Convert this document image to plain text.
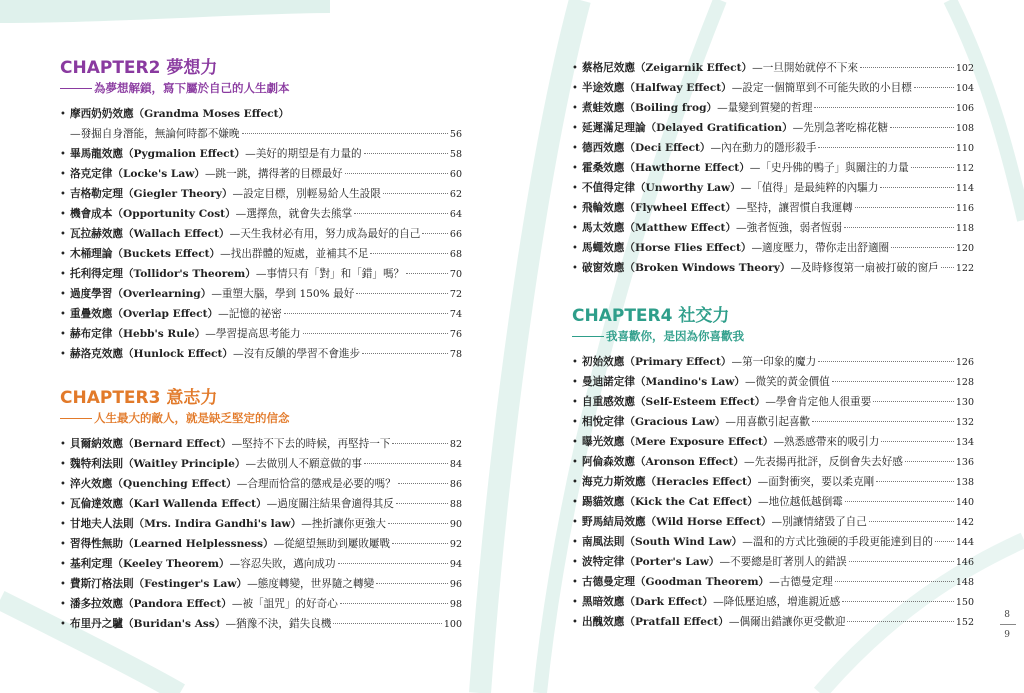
CHAPTER2 夢想力
為夢想解鎖，寫下屬於自己的人生劇本
• 摩西奶奶效應（Grandma Moses Effect）
—發掘自身潛能，無論何時都不嫌晚	56
• 畢馬龍效應（Pygmalion Effect） —美好的期望是有力量的	58
• 洛克定律（Locke's Law） —跳一跳，搆得著的目標最好	60
• 吉格勒定理（Giegler Theory） —設定目標，別輕易給人生設限	62
• 機會成本（Opportunity Cost） —選擇魚，就會失去熊掌	64
• 瓦拉赫效應（Wallach Effect） —天生我材必有用，努力成為最好的自己	66
• 木桶理論（Buckets Effect） —找出群體的短處，並補其不足	68
• 托利得定理（Tollidor's Theorem） —事情只有「對」和「錯」嗎？	70
• 過度學習（Overlearning） —重塑大腦，學到 150% 最好	72
• 重疊效應（Overlap Effect） —記憶的祕密	74
• 赫布定律（Hebb's Rule） —學習提高思考能力	76
• 赫洛克效應（Hunlock Effect） —沒有反饋的學習不會進步	78
CHAPTER3 意志力
人生最大的敵人，就是缺乏堅定的信念
• 貝爾納效應（Bernard Effect） —堅持不下去的時候，再堅持一下	82
• 魏特利法則（Waitley Principle） —去做別人不願意做的事	84
• 淬火效應（Quenching Effect） —合理而恰當的懲戒是必要的嗎？	86
• 瓦倫達效應（Karl Wallenda Effect） —過度關注結果會適得其反	88
• 甘地夫人法則（Mrs. Indira Gandhi's law） —挫折讓你更強大	90
• 習得性無助（Learned Helplessness） —從絕望無助到屢敗屢戰	92
• 基利定理（Keeley Theorem） —容忍失敗，邁向成功	94
• 費斯汀格法則（Festinger's Law） —態度轉變，世界隨之轉變	96
• 潘多拉效應（Pandora Effect） —被「詛咒」的好奇心	98
• 布里丹之驢（Buridan's Ass） —猶豫不決，錯失良機	100
• 蔡格尼效應（Zeigarnik Effect） —一旦開始就停不下來	102
• 半途效應（Halfway Effect） —設定一個簡單到不可能失敗的小目標	104
• 煮蛙效應（Boiling frog） —量變到質變的哲理	106
• 延遲滿足理論（Delayed Gratification） —先別急著吃棉花糖	108
• 德西效應（Deci Effect） —內在動力的隱形殺手	110
• 霍桑效應（Hawthorne Effect） —「史丹佛的鴨子」與關注的力量	112
• 不值得定律（Unworthy Law） —「值得」是最純粹的內驅力	114
• 飛輪效應（Flywheel Effect） —堅持，讓習慣自我運轉	116
• 馬太效應（Matthew Effect） —強者恆強，弱者恆弱	118
• 馬蠅效應（Horse Flies Effect） —適度壓力，帶你走出舒適圈	120
• 破窗效應（Broken Windows Theory） —及時修復第一扇被打破的窗戶 122
CHAPTER4 社交力
我喜歡你，是因為你喜歡我
• 初始效應（Primary Effect） —第一印象的魔力	126
• 曼迪諾定律（Mandino's Law） —微笑的黃金價值	128
• 自重感效應（Self-Esteem Effect） —學會肯定他人很重要	130
• 相悅定律（Gracious Law） —用喜歡引起喜歡	132
• 曝光效應（Mere Exposure Effect） —熟悉感帶來的吸引力	134
• 阿倫森效應（Aronson Effect） —先表揚再批評，反倒會失去好感	136
• 海克力斯效應（Heracles Effect） —面對衝突，要以柔克剛	138
• 踢貓效應（Kick the Cat Effect） —地位越低越倒霉	140
• 野馬結局效應（Wild Horse Effect） —別讓情緒毀了自己	142
• 南風法則（South Wind Law） —溫和的方式比強硬的手段更能達到目的 144
• 波特定律（Porter's Law） —不要總是盯著別人的錯誤	146
• 古德曼定理（Goodman Theorem） —古德曼定理	148
• 黑暗效應（Dark Effect） —降低壓迫感，增進親近感	150
• 出醜效應（Pratfall Effect） —偶爾出錯讓你更受歡迎	152
8
9
